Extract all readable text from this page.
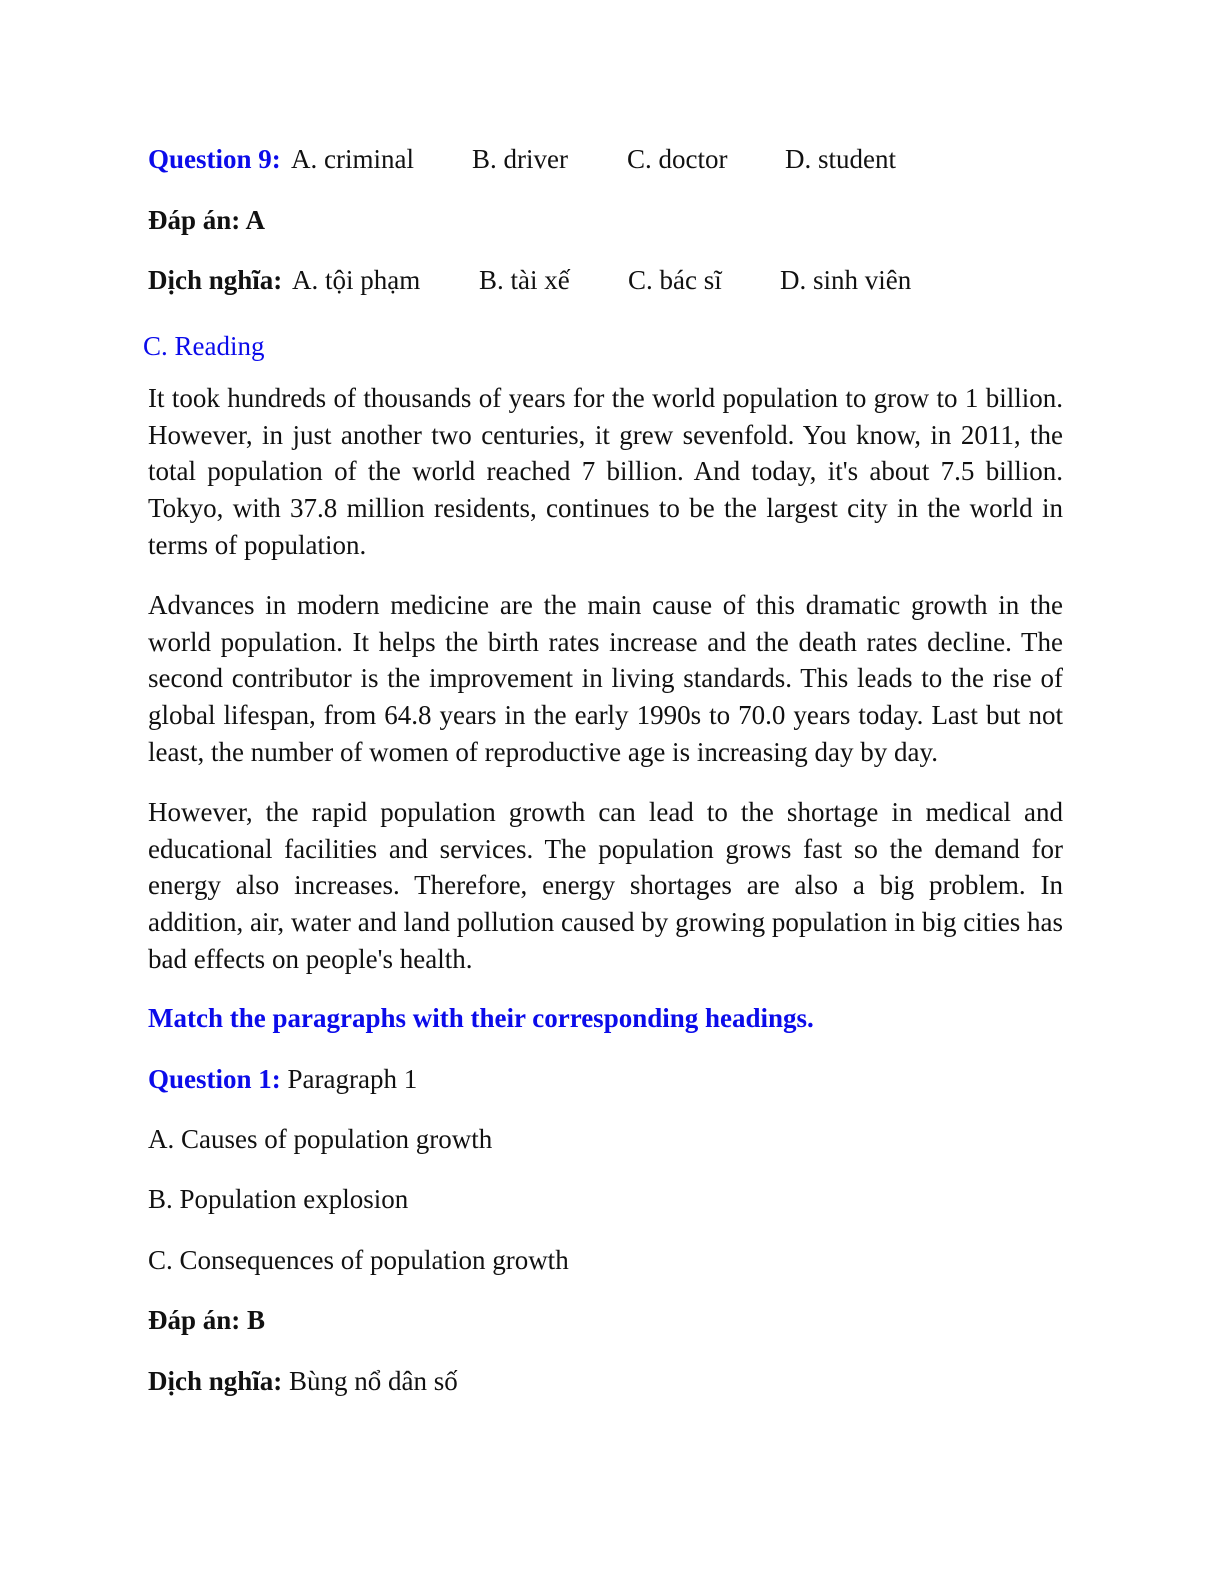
Question 9: A. criminal B. driver C. doctor D. student
Đáp án: A
Dịch nghĩa: A. tội phạm B. tài xế C. bác sĩ D. sinh viên
C. Reading

It took hundreds of thousands of years for the world population to grow to 1 billion. However, in just another two centuries, it grew sevenfold. You know, in 2011, the total population of the world reached 7 billion. And today, it's about 7.5 billion. Tokyo, with 37.8 million residents, continues to be the largest city in the world in terms of population.

Advances in modern medicine are the main cause of this dramatic growth in the world population. It helps the birth rates increase and the death rates decline. The second contributor is the improvement in living standards. This leads to the rise of global lifespan, from 64.8 years in the early 1990s to 70.0 years today. Last but not least, the number of women of reproductive age is increasing day by day.

However, the rapid population growth can lead to the shortage in medical and educational facilities and services. The population grows fast so the demand for energy also increases. Therefore, energy shortages are also a big problem. In addition, air, water and land pollution caused by growing population in big cities has bad effects on people's health.

Match the paragraphs with their corresponding headings.
Question 1: Paragraph 1
A. Causes of population growth
B. Population explosion
C. Consequences of population growth
Đáp án: B
Dịch nghĩa: Bùng nổ dân số
